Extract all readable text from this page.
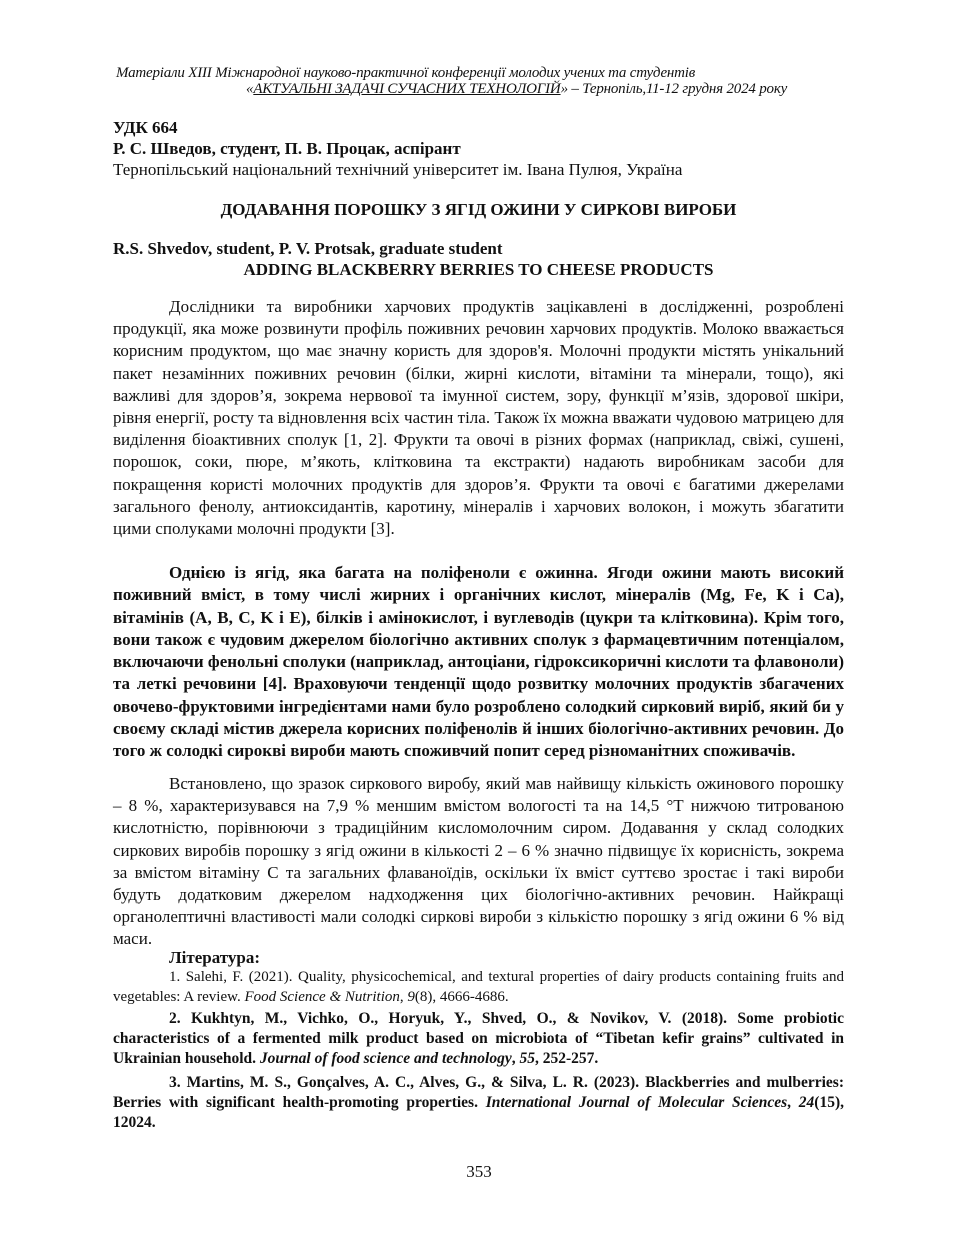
Матеріали XIII Міжнародної науково-практичної конференції молодих учених та студентів
«АКТУАЛЬНІ ЗАДАЧІ СУЧАСНИХ ТЕХНОЛОГІЙ» – Тернопіль,11-12 грудня 2024 року
УДК 664
Р. С. Шведов, студент, П. В. Процак, аспірант
Тернопільський національний технічний університет ім. Івана Пулюя, Україна
ДОДАВАННЯ ПОРОШКУ З ЯГІД ОЖИНИ У СИРКОВІ ВИРОБИ
R.S. Shvedov, student, P. V. Protsak, graduate student
ADDING BLACKBERRY BERRIES TO CHEESE PRODUCTS

Дослідники та виробники харчових продуктів зацікавлені в дослідженні, розроблені продукції, яка може розвинути профіль поживних речовин харчових продуктів. Молоко вважається корисним продуктом, що має значну користь для здоров'я. Молочні продукти містять унікальний пакет незамінних поживних речовин (білки, жирні кислоти, вітаміни та мінерали, тощо), які важливі для здоров’я, зокрема нервової та імунної систем, зору, функції м’язів, здорової шкіри, рівня енергії, росту та відновлення всіх частин тіла. Також їх можна вважати чудовою матрицею для виділення біоактивних сполук [1, 2]. Фрукти та овочі в різних формах (наприклад, свіжі, сушені, порошок, соки, пюре, м’якоть, клітковина та екстракти) надають виробникам засоби для покращення користі молочних продуктів для здоров’я. Фрукти та овочі є багатими джерелами загального фенолу, антиоксидантів, каротину, мінералів і харчових волокон, і можуть збагатити цими сполуками молочні продукти [3].

Однією із ягід, яка багата на поліфеноли є ожинна. Ягоди ожини мають високий поживний вміст, в тому числі жирних і органічних кислот, мінералів (Mg, Fe, K і Ca), вітамінів (A, B, C, K і E), білків і амінокислот, і вуглеводів (цукри та клітковина). Крім того, вони також є чудовим джерелом біологічно активних сполук з фармацевтичним потенціалом, включаючи фенольні сполуки (наприклад, антоціани, гідроксикоричні кислоти та флавоноли) та леткі речовини [4]. Враховуючи тенденції щодо розвитку молочних продуктів збагачених овочево-фруктовими інгредієнтами нами було розроблено солодкий сирковий виріб, який би у своєму складі містив джерела корисних поліфенолів й інших біологічно-активних речовин. До того ж солодкі сирокві вироби мають споживчий попит серед різноманітних споживачів.

Встановлено, що зразок сиркового виробу, який мав найвищу кількість ожинового порошку – 8 %, характеризувався на 7,9 % меншим вмістом вологості та на 14,5 °Т нижчою титрованою кислотністю, порівнюючи з традиційним кисломолочним сиром. Додавання у склад солодких сиркових виробів порошку з ягід ожини в кількості 2 – 6 % значно підвищує їх корисність, зокрема за вмістом вітаміну С та загальних флаваноїдів, оскільки їх вміст суттєво зростає і такі вироби будуть додатковим джерелом надходження цих біологічно-активних речовин. Найкращі органолептичні властивості мали солодкі сиркові вироби з кількістю порошку з ягід ожини 6 % від маси.

Література:

1. Salehi, F. (2021). Quality, physicochemical, and textural properties of dairy products containing fruits and vegetables: A review. Food Science & Nutrition, 9(8), 4666-4686.

2. Kukhtyn, M., Vichko, O., Horyuk, Y., Shved, O., & Novikov, V. (2018). Some probiotic characteristics of a fermented milk product based on microbiota of “Tibetan kefir grains” cultivated in Ukrainian household. Journal of food science and technology, 55, 252-257.

3. Martins, M. S., Gonçalves, A. C., Alves, G., & Silva, L. R. (2023). Blackberries and mulberries: Berries with significant health-promoting properties. International Journal of Molecular Sciences, 24(15), 12024.

353
